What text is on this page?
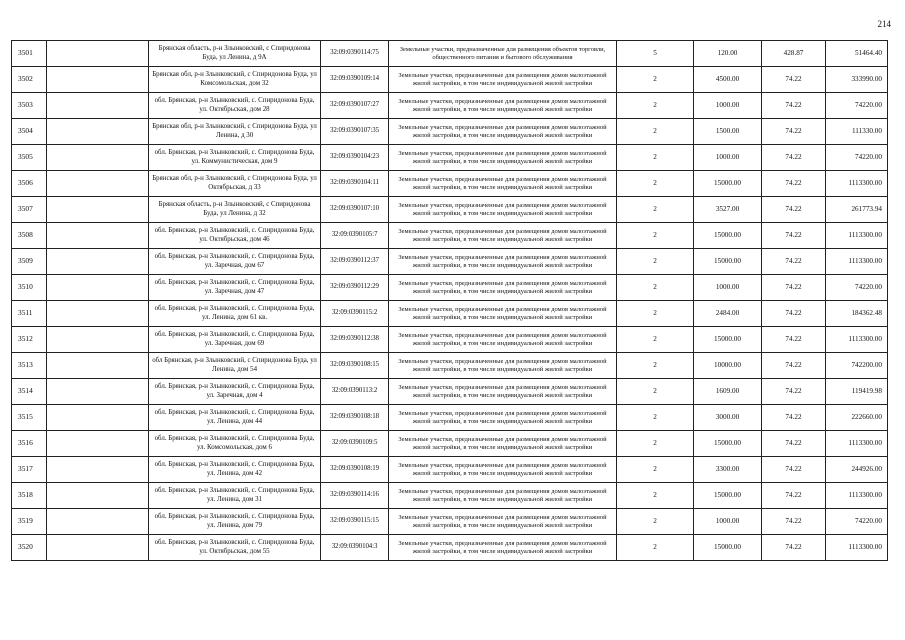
214
3501		Брянская область, р-н Злынковский, с Спиридонова Буда, ул Ленина, д 9А	32:09:0390114:75	Земельные участки, предназначенные для размещения объектов торговли, общественного питания и бытового обслуживания	5	120.00	428.87	51464.40
3502		Брянская обл, р-н Злынковский, с Спиридонова Буда, ул Комсомольская, дом 32	32:09:0390109:14	Земельные участки, предназначенные для размещения домов малоэтажной жилой застройки, в том числе индивидуальной жилой застройки	2	4500.00	74.22	333990.00
3503		обл. Брянская, р-н Злынковский, с. Спиридонова Буда, ул. Октябрьская, дом 28	32:09:0390107:27	Земельные участки, предназначенные для размещения домов малоэтажной жилой застройки, в том числе индивидуальной жилой застройки	2	1000.00	74.22	74220.00
3504		Брянская обл, р-н Злынковский, с Спиридонова Буда, ул Ленина, д 30	32:09:0390107:35	Земельные участки, предназначенные для размещения домов малоэтажной жилой застройки, в том числе индивидуальной жилой застройки	2	1500.00	74.22	111330.00
3505		обл. Брянская, р-н Злынковский, с. Спиридонова Буда, ул. Коммунистическая, дом 9	32:09:0390104:23	Земельные участки, предназначенные для размещения домов малоэтажной жилой застройки, в том числе индивидуальной жилой застройки	2	1000.00	74.22	74220.00
3506		Брянская обл, р-н Злынковский, с Спиридонова Буда, ул Октябрьская, д 33	32:09:0390104:11	Земельные участки, предназначенные для размещения домов малоэтажной жилой застройки, в том числе индивидуальной жилой застройки	2	15000.00	74.22	1113300.00
3507		Брянская область, р-н Злынковский, с Спиридонова Буда, ул Ленина, д 32	32:09:0390107:10	Земельные участки, предназначенные для размещения домов малоэтажной жилой застройки, в том числе индивидуальной жилой застройки	2	3527.00	74.22	261773.94
3508		обл. Брянская, р-н Злынковский, с. Спиридонова Буда, ул. Октябрьская, дом 46	32:09:0390105:7	Земельные участки, предназначенные для размещения домов малоэтажной жилой застройки, в том числе индивидуальной жилой застройки	2	15000.00	74.22	1113300.00
3509		обл. Брянская, р-н Злынковский, с. Спиридонова Буда, ул. Заречная, дом 67	32:09:0390112:37	Земельные участки, предназначенные для размещения домов малоэтажной жилой застройки, в том числе индивидуальной жилой застройки	2	15000.00	74.22	1113300.00
3510		обл. Брянская, р-н Злынковский, с. Спиридонова Буда, ул. Заречная, дом 47	32:09:0390112:29	Земельные участки, предназначенные для размещения домов малоэтажной жилой застройки, в том числе индивидуальной жилой застройки	2	1000.00	74.22	74220.00
3511		обл. Брянская, р-н Злынковский, с. Спиридонова Буда, ул. Ленина, дом 61 кв.	32:09:0390115:2	Земельные участки, предназначенные для размещения домов малоэтажной жилой застройки, в том числе индивидуальной жилой застройки	2	2484.00	74.22	184362.48
3512		обл. Брянская, р-н Злынковский, с. Спиридонова Буда, ул. Заречная, дом 69	32:09:0390112:38	Земельные участки, предназначенные для размещения домов малоэтажной жилой застройки, в том числе индивидуальной жилой застройки	2	15000.00	74.22	1113300.00
3513		обл Брянская, р-н Злынковский, с Спиридонова Буда, ул Ленина, дом 54	32:09:0390108:15	Земельные участки, предназначенные для размещения домов малоэтажной жилой застройки, в том числе индивидуальной жилой застройки	2	10000.00	74.22	742200.00
3514		обл. Брянская, р-н Злынковский, с. Спиридонова Буда, ул. Заречная, дом 4	32:09:0390113:2	Земельные участки, предназначенные для размещения домов малоэтажной жилой застройки, в том числе индивидуальной жилой застройки	2	1609.00	74.22	119419.98
3515		обл. Брянская, р-н Злынковский, с. Спиридонова Буда, ул. Ленина, дом 44	32:09:0390108:18	Земельные участки, предназначенные для размещения домов малоэтажной жилой застройки, в том числе индивидуальной жилой застройки	2	3000.00	74.22	222660.00
3516		обл. Брянская, р-н Злынковский, с. Спиридонова Буда, ул. Комсомольская, дом 6	32:09:0390109:5	Земельные участки, предназначенные для размещения домов малоэтажной жилой застройки, в том числе индивидуальной жилой застройки	2	15000.00	74.22	1113300.00
3517		обл. Брянская, р-н Злынковский, с. Спиридонова Буда, ул. Ленина, дом 42	32:09:0390108:19	Земельные участки, предназначенные для размещения домов малоэтажной жилой застройки, в том числе индивидуальной жилой застройки	2	3300.00	74.22	244926.00
3518		обл. Брянская, р-н Злынковский, с. Спиридонова Буда, ул. Ленина, дом 31	32:09:0390114:16	Земельные участки, предназначенные для размещения домов малоэтажной жилой застройки, в том числе индивидуальной жилой застройки	2	15000.00	74.22	1113300.00
3519		обл. Брянская, р-н Злынковский, с. Спиридонова Буда, ул. Ленина, дом 79	32:09:0390115:15	Земельные участки, предназначенные для размещения домов малоэтажной жилой застройки, в том числе индивидуальной жилой застройки	2	1000.00	74.22	74220.00
3520		обл. Брянская, р-н Злынковский, с. Спиридонова Буда, ул. Октябрьская, дом 55	32:09:0390104:3	Земельные участки, предназначенные для размещения домов малоэтажной жилой застройки, в том числе индивидуальной жилой застройки	2	15000.00	74.22	1113300.00
